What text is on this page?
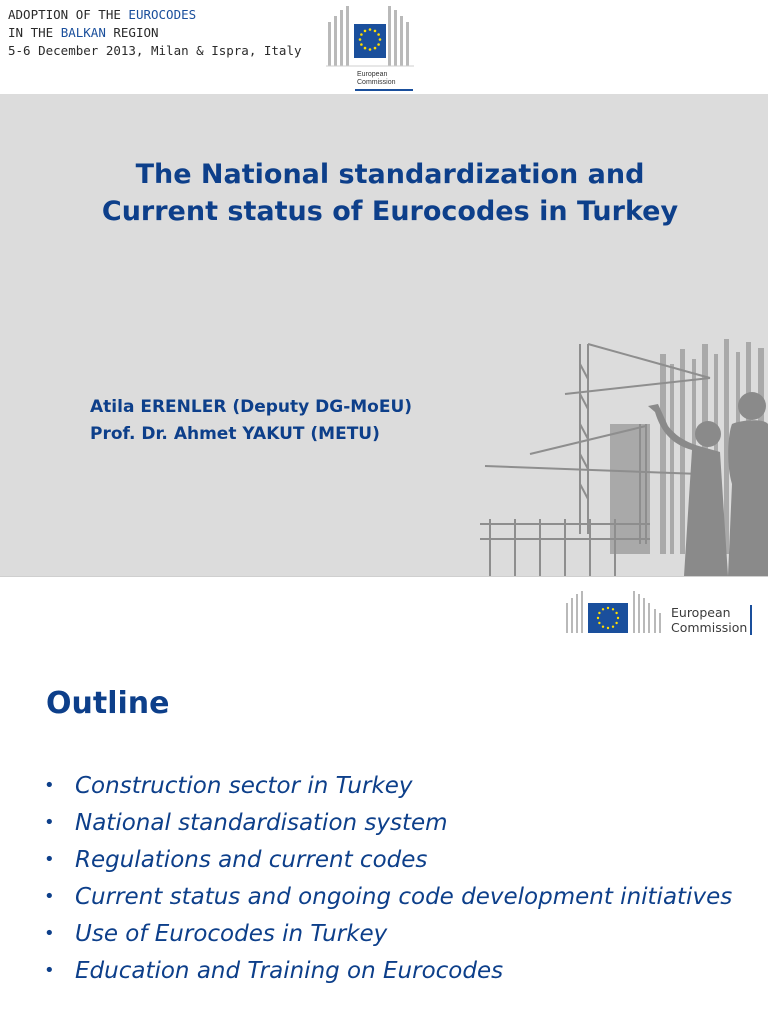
ADOPTION OF THE EUROCODES
IN THE BALKAN REGION
5-6 December 2013, Milan & Ispra, Italy
European
Commission
The National standardization and Current status of Eurocodes in Turkey
Atila ERENLER (Deputy DG-MoEU)
Prof. Dr. Ahmet YAKUT (METU)
European
Commission
Outline
• Construction sector in Turkey
• National standardisation system
• Regulations and current codes
• Current status and ongoing code development initiatives
• Use of Eurocodes in Turkey
• Education and Training on Eurocodes
